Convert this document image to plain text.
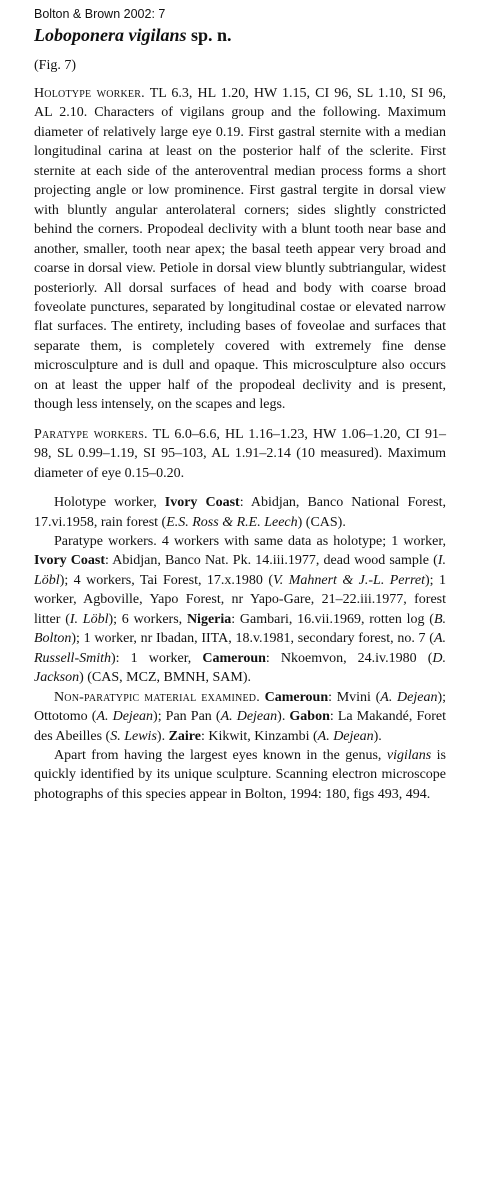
Bolton & Brown 2002: 7

Loboponera vigilans sp. n.

(Fig. 7)

Holotype worker. TL 6.3, HL 1.20, HW 1.15, CI 96, SL 1.10, SI 96, AL 2.10. Characters of vigilans group and the following. Maximum diameter of relatively large eye 0.19. First gastral sternite with a median longitudinal carina at least on the posterior half of the sclerite. First sternite at each side of the anteroventral median process forms a short projecting angle or low prominence. First gastral tergite in dorsal view with bluntly angular anterolateral corners; sides slightly constricted behind the corners. Propodeal declivity with a blunt tooth near base and another, smaller, tooth near apex; the basal teeth appear very broad and coarse in dorsal view. Petiole in dorsal view bluntly subtriangular, widest posteriorly. All dorsal surfaces of head and body with coarse broad foveolate punctures, separated by longitudinal costae or elevated narrow flat surfaces. The entirety, including bases of foveolae and surfaces that separate them, is completely covered with extremely fine dense microsculpture and is dull and opaque. This microsculpture also occurs on at least the upper half of the propodeal declivity and is present, though less intensely, on the scapes and legs.

Paratype workers. TL 6.0–6.6, HL 1.16–1.23, HW 1.06–1.20, CI 91–98, SL 0.99–1.19, SI 95–103, AL 1.91–2.14 (10 measured). Maximum diameter of eye 0.15–0.20.

Holotype worker, Ivory Coast: Abidjan, Banco National Forest, 17.vi.1958, rain forest (E.S. Ross & R.E. Leech) (CAS).

Paratype workers. 4 workers with same data as holotype; 1 worker, Ivory Coast: Abidjan, Banco Nat. Pk. 14.iii.1977, dead wood sample (I. Löbl); 4 workers, Tai Forest, 17.x.1980 (V. Mahnert & J.-L. Perret); 1 worker, Agboville, Yapo Forest, nr Yapo-Gare, 21–22.iii.1977, forest litter (I. Löbl); 6 workers, Nigeria: Gambari, 16.vii.1969, rotten log (B. Bolton); 1 worker, nr Ibadan, IITA, 18.v.1981, secondary forest, no. 7 (A. Russell-Smith): 1 worker, Cameroun: Nkoemvon, 24.iv.1980 (D. Jackson) (CAS, MCZ, BMNH, SAM).

Non-paratypic material examined. Cameroun: Mvini (A. Dejean); Ottotomo (A. Dejean); Pan Pan (A. Dejean). Gabon: La Makandé, Foret des Abeilles (S. Lewis). Zaire: Kikwit, Kinzambi (A. Dejean).

Apart from having the largest eyes known in the genus, vigilans is quickly identified by its unique sculpture. Scanning electron microscope photographs of this species appear in Bolton, 1994: 180, figs 493, 494.
